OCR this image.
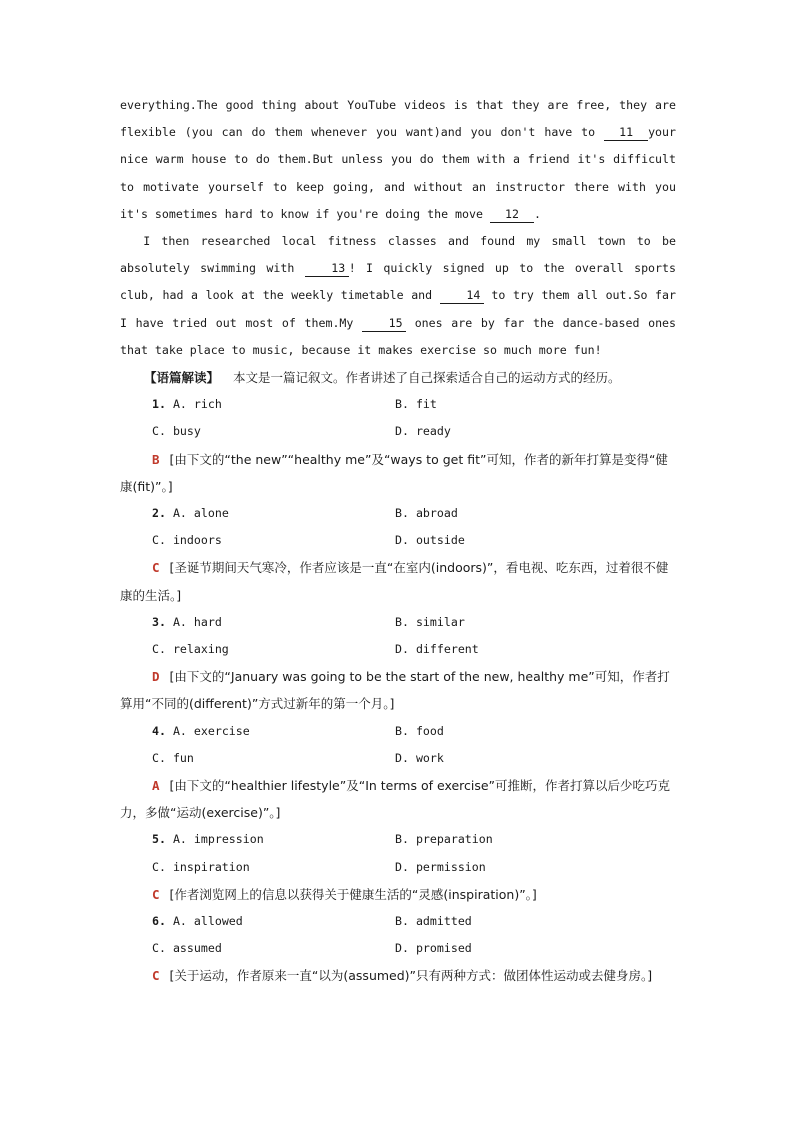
everything.The good thing about YouTube videos is that they are free, they are flexible (you can do them whenever you want)and you don't have to 11 your nice warm house to do them.But unless you do them with a friend it's difficult to motivate yourself to keep going, and without an instructor there with you it's sometimes hard to know if you're doing the move 12 .

I then researched local fitness classes and found my small town to be absolutely swimming with 13 ! I quickly signed up to the overall sports club, had a look at the weekly timetable and 14 to try them all out.So far I have tried out most of them.My 15 ones are by far the dance-based ones that take place to music, because it makes exercise so much more fun!

【语篇解读】 本文是一篇记叙文。作者讲述了自己探索适合自己的运动方式的经历。
1. A. rich	B. fit
C. busy	D. ready

B [由下文的“the new”“healthy me”及“ways to get fit”可知，作者的新年打算是变得“健康(fit)”。]

2. A. alone	B. abroad
C. indoors	D. outside

C [圣诞节期间天气寒冷，作者应该是一直“在室内(indoors)”，看电视、吃东西，过着很不健康的生活。]

3. A. hard	B. similar
C. relaxing	D. different

D [由下文的“January was going to be the start of the new, healthy me”可知，作者打算用“不同的(different)”方式过新年的第一个月。]

4. A. exercise	B. food
C. fun	D. work

A [由下文的“healthier lifestyle”及“In terms of exercise”可推断，作者打算以后少吃巧克力，多做“运动(exercise)”。]

5. A. impression	B. preparation
C. inspiration	D. permission

C [作者浏览网上的信息以获得关于健康生活的“灵感(inspiration)”。]

6. A. allowed	B. admitted
C. assumed	D. promised

C [关于运动，作者原来一直“以为(assumed)”只有两种方式：做团体性运动或去健身房。]
